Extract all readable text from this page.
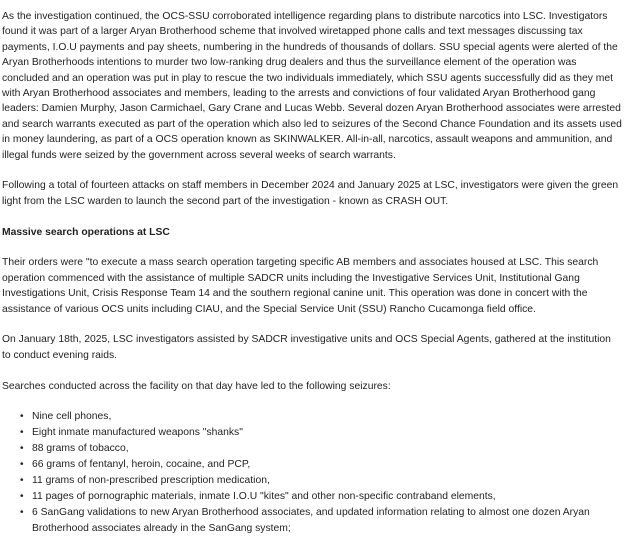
As the investigation continued, the OCS-SSU corroborated intelligence regarding plans to distribute narcotics into LSC. Investigators found it was part of a larger Aryan Brotherhood scheme that involved wiretapped phone calls and text messages discussing tax payments, I.O.U payments and pay sheets, numbering in the hundreds of thousands of dollars. SSU special agents were alerted of the Aryan Brotherhoods intentions to murder two low-ranking drug dealers and thus the surveillance element of the operation was concluded and an operation was put in play to rescue the two individuals immediately, which SSU agents successfully did as they met with Aryan Brotherhood associates and members, leading to the arrests and convictions of four validated Aryan Brotherhood gang leaders: Damien Murphy, Jason Carmichael, Gary Crane and Lucas Webb. Several dozen Aryan Brotherhood associates were arrested and search warrants executed as part of the operation which also led to seizures of the Second Chance Foundation and its assets used in money laundering, as part of a OCS operation known as SKINWALKER. All-in-all, narcotics, assault weapons and ammunition, and illegal funds were seized by the government across several weeks of search warrants.

Following a total of fourteen attacks on staff members in December 2024 and January 2025 at LSC, investigators were given the green light from the LSC warden to launch the second part of the investigation - known as CRASH OUT.

Massive search operations at LSC

Their orders were "to execute a mass search operation targeting specific AB members and associates housed at LSC. This search operation commenced with the assistance of multiple SADCR units including the Investigative Services Unit, Institutional Gang Investigations Unit, Crisis Response Team 14 and the southern regional canine unit. This operation was done in concert with the assistance of various OCS units including CIAU, and the Special Service Unit (SSU) Rancho Cucamonga field office.

On January 18th, 2025, LSC investigators assisted by SADCR investigative units and OCS Special Agents, gathered at the institution to conduct evening raids.

Searches conducted across the facility on that day have led to the following seizures:

• Nine cell phones,
• Eight inmate manufactured weapons "shanks"
• 88 grams of tobacco,
• 66 grams of fentanyl, heroin, cocaine, and PCP,
• 11 grams of non-prescribed prescription medication,
• 11 pages of pornographic materials, inmate I.O.U "kites" and other non-specific contraband elements,
• 6 SanGang validations to new Aryan Brotherhood associates, and updated information relating to almost one dozen Aryan Brotherhood associates already in the SanGang system;
